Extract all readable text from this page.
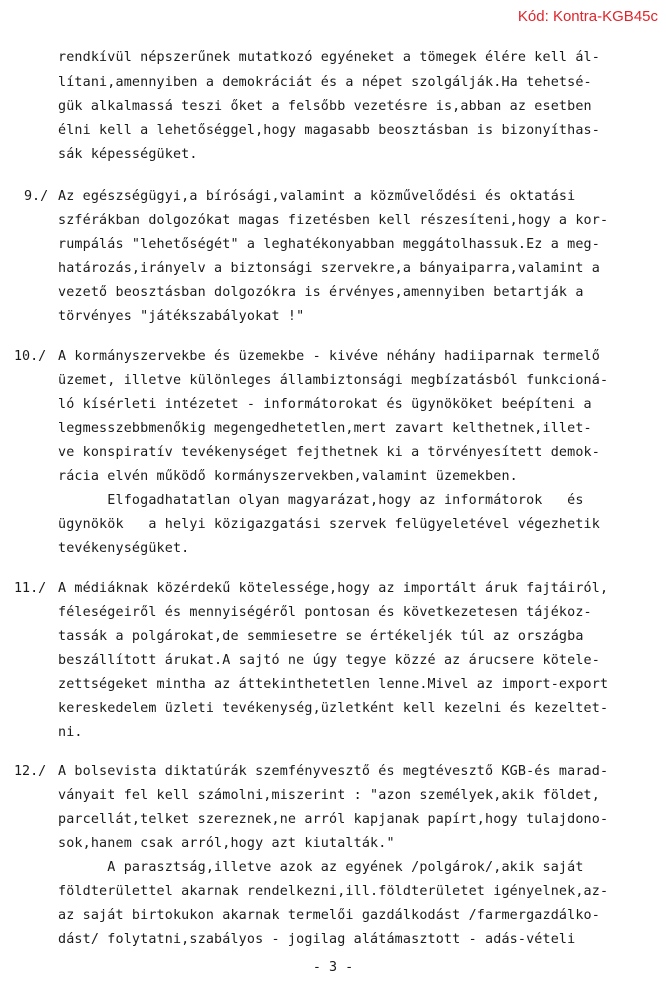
Kód: Kontra-KGB45c
rendkívül népszerűnek mutatkozó egyéneket a tömegek élére kell ál-
lítani,amennyiben a demokráciát és a népet szolgálják.Ha tehetsé-
gük alkalmassá teszi őket a felsőbb vezetésre is,abban az esetben
élni kell a lehetőséggel,hogy magasabb beosztásban is bizonyíthas-
sák képességüket.
9./ Az egészségügyi,a bírósági,valamint a közművelődési és oktatási
szférákban dolgozókat magas fizetésben kell részesíteni,hogy a kor-
rumpálás "lehetőségét" a leghatékonyabban meggátolhassuk.Ez a meg-
határozás,irányelv a biztonsági szervekre,a bányaiparra,valamint a
vezető beosztásban dolgozókra is érvényes,amennyiben betartják a
törvényes "játékszabályokat !"
10./ A kormányszervekbe és üzemekbe - kivéve néhány hadiiparnak termelő
üzemet, illetve különleges állambiztonsági megbízatásból funkcioná-
ló kísérleti intézetet - informátorokat és ügynököket beépíteni a
legmesszebbmenőkig megengedhetetlen,mert zavart kelthetnek,illet-
ve konspiratív tevékenységet fejthetnek ki a törvényesített demok-
rácia elvén működő kormányszervekben,valamint üzemekben.
Elfogadhatatlan olyan magyarázat,hogy az informátorok   és
ügynökök   a helyi közigazgatási szervek felügyeletével végezhetik
tevékenységüket.
11./ A médiáknak közérdekű kötelessége,hogy az importált áruk fajtáiról,
féleségeiről és mennyiségéről pontosan és következetesen tájékoz-
tassák a polgárokat,de semmiesetre se értékeljék túl az országba
beszállított árukat.A sajtó ne úgy tegye közzé az árucsere kötele-
zettségeket mintha az áttekinthetetlen lenne.Mivel az import-export
kereskedelem üzleti tevékenység,üzletként kell kezelni és kezeltet-
ni.
12./ A bolsevista diktatúrák szemfényvesztő és megtévesztő KGB-és marad-
ványait fel kell számolni,miszerint : "azon személyek,akik földet,
parcellát,telket szereznek,ne arról kapjanak papírt,hogy tulajdono-
sok,hanem csak arról,hogy azt kiutalták."
A parasztság,illetve azok az egyének /polgárok/,akik saját
földterülettel akarnak rendelkezni,ill.földterületet igényelnek,az-
az saját birtokukon akarnak termelői gazdálkodást /farmergazdálko-
dást/ folytatni,szabályos - jogilag alátámasztott - adás-vételi
- 3 -
